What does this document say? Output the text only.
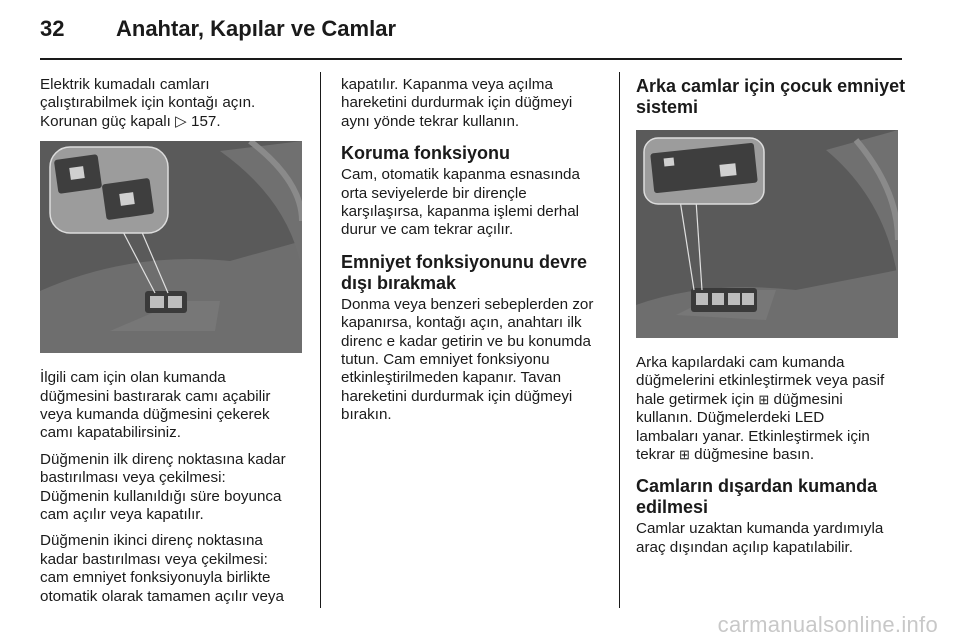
32 Anahtar, Kapılar ve Camlar

Elektrik kumadalı camları
çalıştırabilmek için kontağı açın.
Korunan güç kapalı ▷ 157.

İlgili cam için olan kumanda
düğmesini bastırarak camı açabilir
veya kumanda düğmesini çekerek
camı kapatabilirsiniz.

Düğmenin ilk direnç noktasına kadar
bastırılması veya çekilmesi:
Düğmenin kullanıldığı süre boyunca
cam açılır veya kapatılır.

Düğmenin ikinci direnç noktasına
kadar bastırılması veya çekilmesi:
cam emniyet fonksiyonuyla birlikte
otomatik olarak tamamen açılır veya

kapatılır. Kapanma veya açılma
hareketini durdurmak için düğmeyi
aynı yönde tekrar kullanın.

Koruma fonksiyonu

Cam, otomatik kapanma esnasında
orta seviyelerde bir dirençle
karşılaşırsa, kapanma işlemi derhal
durur ve cam tekrar açılır.

Emniyet fonksiyonunu devre
dışı bırakmak

Donma veya benzeri sebeplerden zor
kapanırsa, kontağı açın, anahtarı ilk
direnc e kadar getirin ve bu konumda
tutun. Cam emniyet fonksiyonu
etkinleştirilmeden kapanır. Tavan
hareketini durdurmak için düğmeyi
bırakın.

Arka camlar için çocuk emniyet
sistemi

Arka kapılardaki cam kumanda
düğmelerini etkinleştirmek veya pasif
hale getirmek için ⊞ düğmesini
kullanın. Düğmelerdeki LED
lambaları yanar. Etkinleştirmek için
tekrar ⊞ düğmesine basın.

Camların dışardan kumanda
edilmesi

Camlar uzaktan kumanda yardımıyla
araç dışından açılıp kapatılabilir.

carmanualsonline.info
